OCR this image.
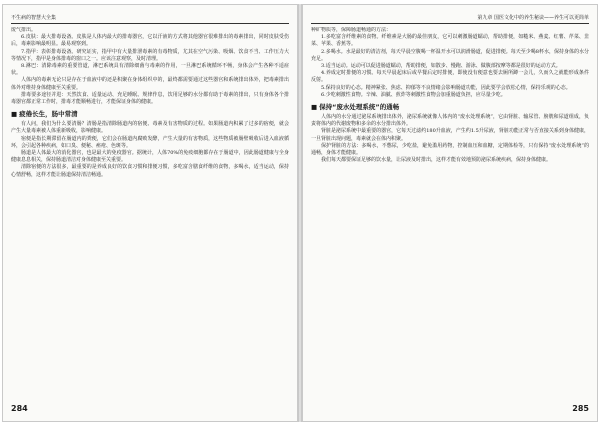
不生病的智慧大全集

废气排出。

6.皮肤：最大排毒设备。皮肤是人体内最大的排毒器官，它以汗液的方式将其他器官很难排出的毒素排出，同时皮肤受伤后，毒素影响最明显。最易观察到。

7.指甲：表彰排毒设备。研究证实，指甲中有大量排泄毒素的有毒物质，尤其在空气污染、吸烟、饮食不当、工作压力大等情况下，指甲是身体排毒的窗口之一。应该注意观察，及时清理。

8.淋巴：清除毒素的重要管道，淋巴系统具有清除细菌与毒素的作用，一旦淋巴系统循环不畅，身体会产生各种不适症状。

人体内的毒素无论只是存在于血液中的还是积聚在身体组织中的，最终都需要通过这些器官和系统排出体外，把毒素排出体外对维持身体健康至关重要。

排毒要多途径并进：天然饮食、适量运动、充足睡眠、规律作息，饮用足够的水分都有助于毒素的排出，只有身体各个排毒器官都正常工作时，排毒才能顺畅进行，才能保证身体的健康。

■ 疲倦长生，肠中常清

有人问，我们为什么要清肠？清肠是指清除肠道内的宿便、毒素及有害物质的过程。如果肠道内积累了过多的宿便，就会产生大量毒素被人体重新吸收，影响健康。

宿便是指长期滞留在肠道内的粪便，它们会在肠道内腐败发酵，产生大量的有害物质，这些物质被肠壁吸收后进入血液循环，会引起各种疾病，如口臭、便秘、痤疮、色斑等。

肠道是人体最大的消化器官，也是最大的免疫器官。据统计，人体70%的免疫细胞都存在于肠道中，因此肠道健康与全身健康息息相关，保持肠道清洁对身体健康至关重要。

清除宿便的方法很多，最重要的是养成良好的饮食习惯和排便习惯，多吃富含膳食纤维的食物，多喝水，适当运动，保持心情舒畅，这样才能让肠道保持清洁畅通。

284
第九章 国医文化中的养生秘诀——养生可以更简单

种矿物质等，保障肠道畅通的方法：

1.多吃富含纤维素的食物。纤维素是大肠的最佳朋友，它可以刺激肠道蠕动，帮助排便，如糙米、燕麦、红薯、芹菜、韭菜、苹果、香蕉等。

2.多喝水。水是最好的清洁剂，每天早晨空腹喝一杯温开水可以润滑肠道，促进排便。每天至少喝8杯水，保持身体的水分充足。

3.适当运动。运动可以促进肠道蠕动，帮助排便，如散步、慢跑、游泳、做腹部按摩等都是很好的运动方式。

4.养成定时排便的习惯。每天早晨起床后或早餐后定时排便，即使没有便意也要去厕所蹲一会儿，久而久之就能形成条件反射。

5.保持良好的心态。精神紧张、焦虑、抑郁等不良情绪会影响肠道功能，因此要学会放松心情，保持乐观的心态。

6.少吃刺激性食物。辛辣、油腻、煎炸等刺激性食物会加重肠道负担，应尽量少吃。

■ 保持“废水处理系统”的通畅

人体内的水分通过泌尿系统排出体外，泌尿系统就像人体内的“废水处理系统”，它由肾脏、输尿管、膀胱和尿道组成，负责将体内的代谢废物和多余的水分排出体外。

肾脏是泌尿系统中最重要的器官，它每天过滤约180升血液，产生约1.5升尿液，肾脏功能正常与否直接关系到身体健康，一旦肾脏出现问题，毒素就会在体内积聚。

保护肾脏的方法：多喝水，不憋尿，少吃盐，避免滥用药物，控制血压和血糖，定期体检等，只有保持“废水处理系统”的通畅，身体才能健康。

我们每天都要保证足够的饮水量，让尿液及时排出，这样才能有效地预防泌尿系统疾病，保持身体健康。

285
